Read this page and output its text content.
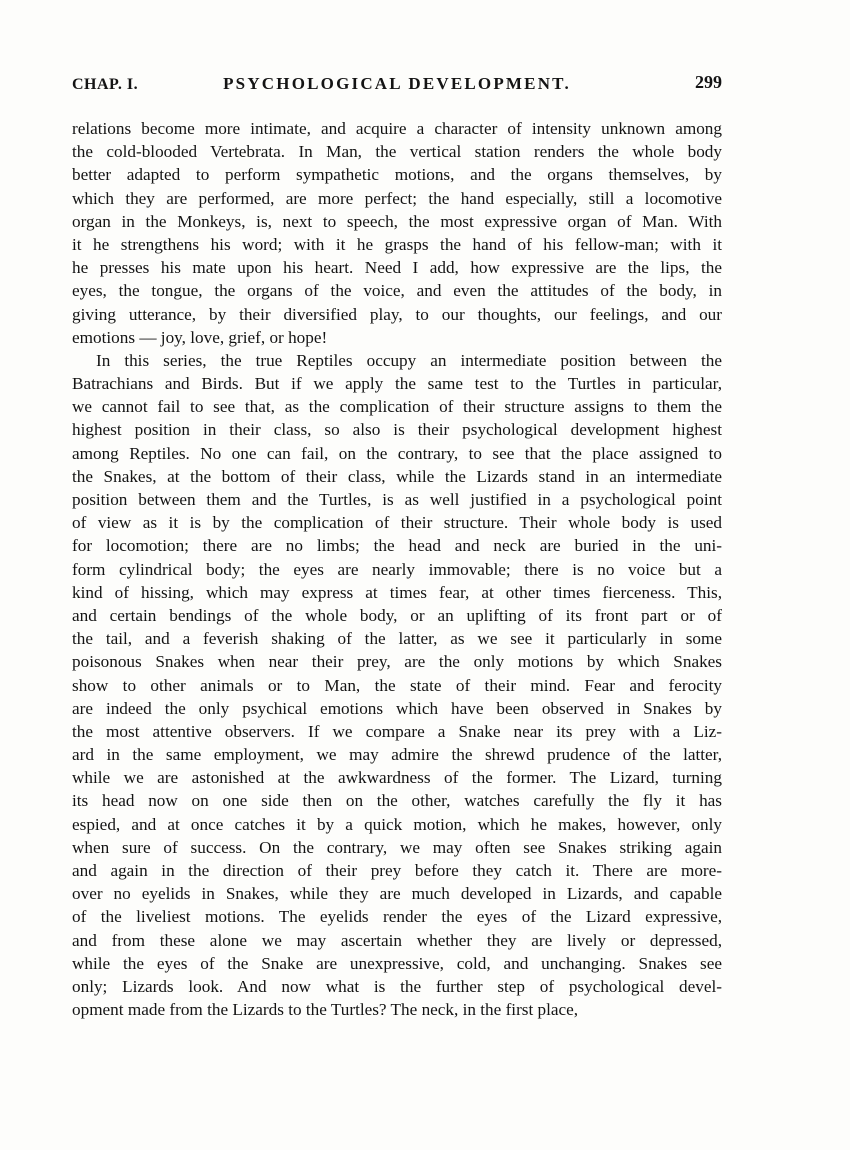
CHAP. I.	PSYCHOLOGICAL DEVELOPMENT.	299
relations become more intimate, and acquire a character of intensity unknown among
the cold-blooded Vertebrata. In Man, the vertical station renders the whole body
better adapted to perform sympathetic motions, and the organs themselves, by
which they are performed, are more perfect; the hand especially, still a locomotive
organ in the Monkeys, is, next to speech, the most expressive organ of Man. With
it he strengthens his word; with it he grasps the hand of his fellow-man; with it
he presses his mate upon his heart. Need I add, how expressive are the lips, the
eyes, the tongue, the organs of the voice, and even the attitudes of the body, in
giving utterance, by their diversified play, to our thoughts, our feelings, and our
emotions — joy, love, grief, or hope!
In this series, the true Reptiles occupy an intermediate position between the
Batrachians and Birds. But if we apply the same test to the Turtles in particular,
we cannot fail to see that, as the complication of their structure assigns to them the
highest position in their class, so also is their psychological development highest
among Reptiles. No one can fail, on the contrary, to see that the place assigned to
the Snakes, at the bottom of their class, while the Lizards stand in an intermediate
position between them and the Turtles, is as well justified in a psychological point
of view as it is by the complication of their structure. Their whole body is used
for locomotion; there are no limbs; the head and neck are buried in the uni-
form cylindrical body; the eyes are nearly immovable; there is no voice but a
kind of hissing, which may express at times fear, at other times fierceness. This,
and certain bendings of the whole body, or an uplifting of its front part or of
the tail, and a feverish shaking of the latter, as we see it particularly in some
poisonous Snakes when near their prey, are the only motions by which Snakes
show to other animals or to Man, the state of their mind. Fear and ferocity
are indeed the only psychical emotions which have been observed in Snakes by
the most attentive observers. If we compare a Snake near its prey with a Liz-
ard in the same employment, we may admire the shrewd prudence of the latter,
while we are astonished at the awkwardness of the former. The Lizard, turning
its head now on one side then on the other, watches carefully the fly it has
espied, and at once catches it by a quick motion, which he makes, however, only
when sure of success. On the contrary, we may often see Snakes striking again
and again in the direction of their prey before they catch it. There are more-
over no eyelids in Snakes, while they are much developed in Lizards, and capable
of the liveliest motions. The eyelids render the eyes of the Lizard expressive,
and from these alone we may ascertain whether they are lively or depressed,
while the eyes of the Snake are unexpressive, cold, and unchanging. Snakes see
only; Lizards look. And now what is the further step of psychological devel-
opment made from the Lizards to the Turtles? The neck, in the first place,
